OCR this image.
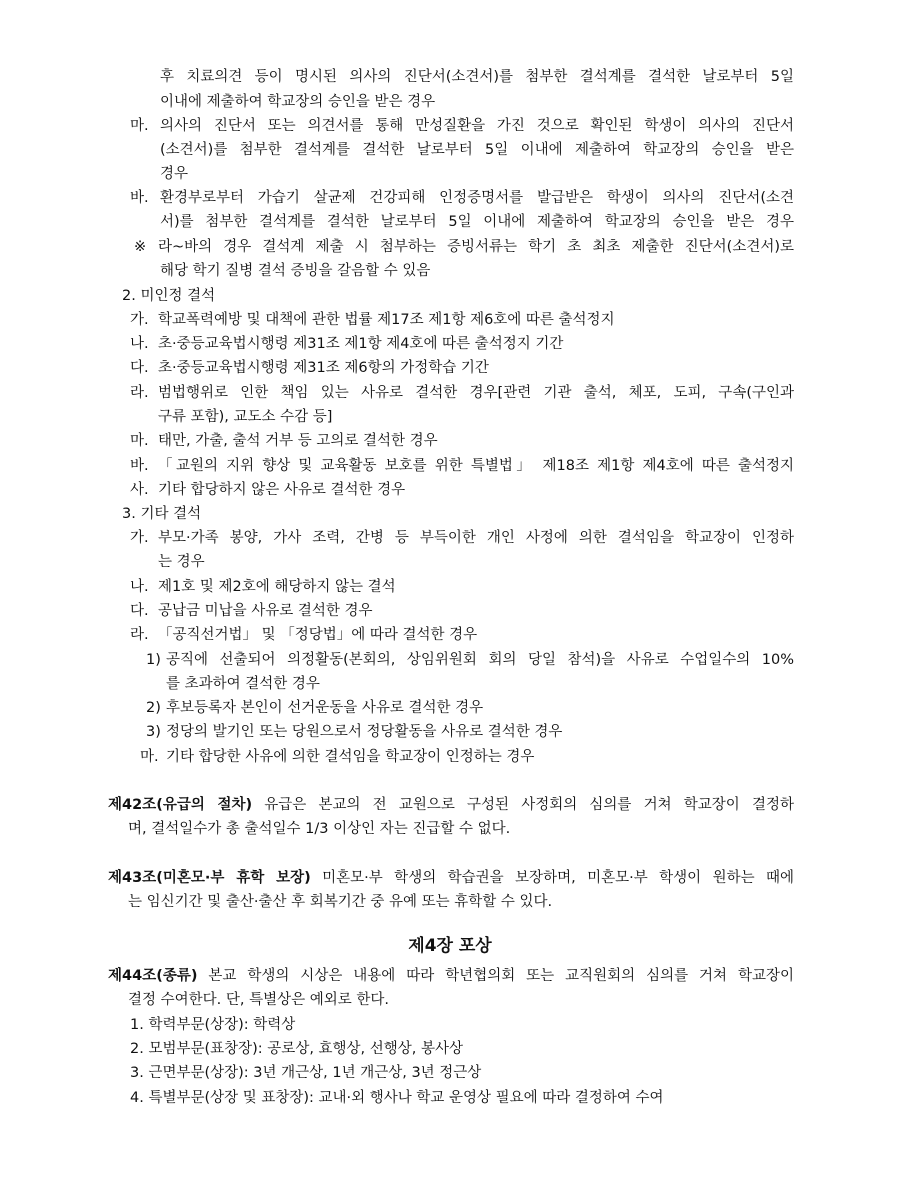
후 치료의견 등이 명시된 의사의 진단서(소견서)를 첨부한 결석계를 결석한 날로부터 5일
이내에 제출하여 학교장의 승인을 받은 경우
마. 의사의 진단서 또는 의견서를 통해 만성질환을 가진 것으로 확인된 학생이 의사의 진단서
(소견서)를 첨부한 결석계를 결석한 날로부터 5일 이내에 제출하여 학교장의 승인을 받은
경우
바. 환경부로부터 가습기 살균제 건강피해 인정증명서를 발급받은 학생이 의사의 진단서(소견
서)를 첨부한 결석계를 결석한 날로부터 5일 이내에 제출하여 학교장의 승인을 받은 경우
※ 라~바의 경우 결석계 제출 시 첨부하는 증빙서류는 학기 초 최초 제출한 진단서(소견서)로
해당 학기 질병 결석 증빙을 갈음할 수 있음
2. 미인정 결석
가. 학교폭력예방 및 대책에 관한 법률 제17조 제1항 제6호에 따른 출석정지
나. 초·중등교육법시행령 제31조 제1항 제4호에 따른 출석정지 기간
다. 초·중등교육법시행령 제31조 제6항의 가정학습 기간
라. 범법행위로 인한 책임 있는 사유로 결석한 경우[관련 기관 출석, 체포, 도피, 구속(구인과
구류 포함), 교도소 수감 등]
마. 태만, 가출, 출석 거부 등 고의로 결석한 경우
바. 「교원의 지위 향상 및 교육활동 보호를 위한 특별법」 제18조 제1항 제4호에 따른 출석정지
사. 기타 합당하지 않은 사유로 결석한 경우
3. 기타 결석
가. 부모·가족 봉양, 가사 조력, 간병 등 부득이한 개인 사정에 의한 결석임을 학교장이 인정하
는 경우
나. 제1호 및 제2호에 해당하지 않는 결석
다. 공납금 미납을 사유로 결석한 경우
라. 「공직선거법」 및 「정당법」에 따라 결석한 경우
1) 공직에 선출되어 의정활동(본회의, 상임위원회 회의 당일 참석)을 사유로 수업일수의 10%
를 초과하여 결석한 경우
2) 후보등록자 본인이 선거운동을 사유로 결석한 경우
3) 정당의 발기인 또는 당원으로서 정당활동을 사유로 결석한 경우
마. 기타 합당한 사유에 의한 결석임을 학교장이 인정하는 경우
제42조(유급의 절차) 유급은 본교의 전 교원으로 구성된 사정회의 심의를 거쳐 학교장이 결정하
며, 결석일수가 총 출석일수 1/3 이상인 자는 진급할 수 없다.
제43조(미혼모·부 휴학 보장) 미혼모·부 학생의 학습권을 보장하며, 미혼모·부 학생이 원하는 때에
는 임신기간 및 출산·출산 후 회복기간 중 유예 또는 휴학할 수 있다.
제4장 포상
제44조(종류) 본교 학생의 시상은 내용에 따라 학년협의회 또는 교직원회의 심의를 거쳐 학교장이
결정 수여한다. 단, 특별상은 예외로 한다.
1. 학력부문(상장): 학력상
2. 모범부문(표창장): 공로상, 효행상, 선행상, 봉사상
3. 근면부문(상장): 3년 개근상, 1년 개근상, 3년 정근상
4. 특별부문(상장 및 표창장): 교내·외 행사나 학교 운영상 필요에 따라 결정하여 수여
